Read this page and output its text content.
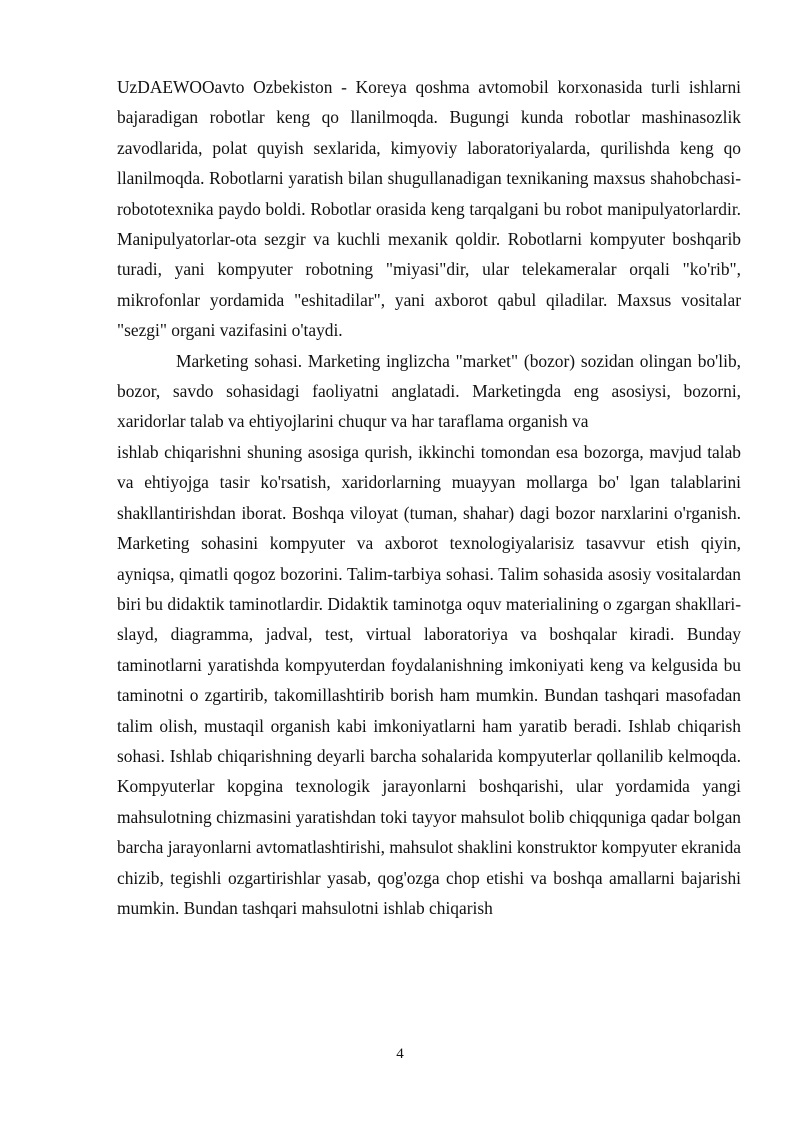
UzDAEWOOavto Ozbekiston - Koreya qoshma avtomobil korxonasida turli ishlarni bajaradigan robotlar keng qo llanilmoqda. Bugungi kunda robotlar mashinasozlik zavodlarida, polat quyish sexlarida, kimyoviy laboratoriyalarda, qurilishda keng qo llanilmoqda. Robotlarni yaratish bilan shugullanadigan texnikaning maxsus shahobchasi-robototexnika paydo boldi. Robotlar orasida keng tarqalgani bu robot manipulyatorlardir. Manipulyatorlar-ota sezgir va kuchli mexanik qoldir. Robotlarni kompyuter boshqarib turadi, yani kompyuter robotning "miyasi"dir, ular telekameralar orqali "ko'rib", mikrofonlar yordamida "eshitadilar", yani axborot qabul qiladilar. Maxsus vositalar "sezgi" organi vazifasini o'taydi.

Marketing sohasi. Marketing inglizcha "market" (bozor) sozidan olingan bo'lib, bozor, savdo sohasidagi faoliyatni anglatadi. Marketingda eng asosiysi, bozorni, xaridorlar talab va ehtiyojlarini chuqur va har taraflama organish va

ishlab chiqarishni shuning asosiga qurish, ikkinchi tomondan esa bozorga, mavjud talab va ehtiyojga tasir ko'rsatish, xaridorlarning muayyan mollarga bo' lgan talablarini shakllantirishdan iborat. Boshqa viloyat (tuman, shahar) dagi bozor narxlarini o'rganish. Marketing sohasini kompyuter va axborot texnologiyalarisiz tasavvur etish qiyin, ayniqsa, qimatli qogoz bozorini. Talim-tarbiya sohasi. Talim sohasida asosiy vositalardan biri bu didaktik taminotlardir. Didaktik taminotga oquv materialining o zgargan shakllari-slayd, diagramma, jadval, test, virtual laboratoriya va boshqalar kiradi. Bunday taminotlarni yaratishda kompyuterdan foydalanishning imkoniyati keng va kelgusida bu taminotni o zgartirib, takomillashtirib borish ham mumkin. Bundan tashqari masofadan talim olish, mustaqil organish kabi imkoniyatlarni ham yaratib beradi. Ishlab chiqarish sohasi. Ishlab chiqarishning deyarli barcha sohalarida kompyuterlar qollanilib kelmoqda. Kompyuterlar kopgina texnologik jarayonlarni boshqarishi, ular yordamida yangi mahsulotning chizmasini yaratishdan toki tayyor mahsulot bolib chiqquniga qadar bolgan barcha jarayonlarni avtomatlashtirishi, mahsulot shaklini konstruktor kompyuter ekranida chizib, tegishli ozgartirishlar yasab, qog'ozga chop etishi va boshqa amallarni bajarishi mumkin. Bundan tashqari mahsulotni ishlab chiqarish

4
